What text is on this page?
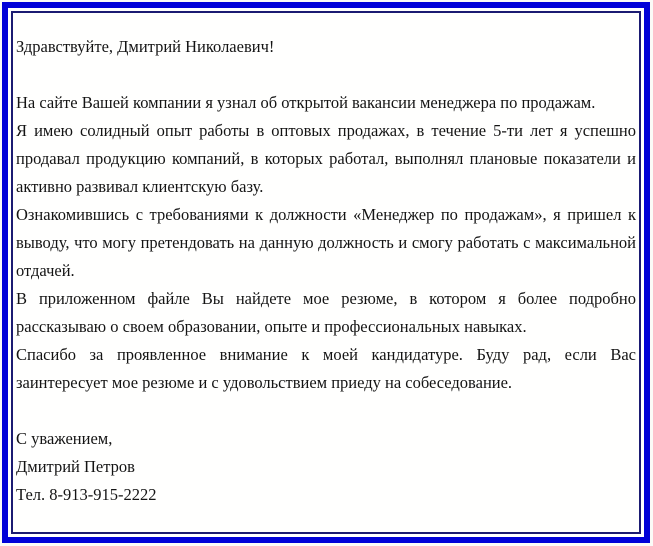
Здравствуйте, Дмитрий Николаевич!

На сайте Вашей компании я узнал об открытой вакансии менеджера по продажам.

Я имею солидный опыт работы в оптовых продажах, в течение 5-ти лет я успешно продавал продукцию компаний, в которых работал, выполнял плановые показатели и активно развивал клиентскую базу.

Ознакомившись с требованиями к должности «Менеджер по продажам», я пришел к выводу, что могу претендовать на данную должность и смогу работать с максимальной отдачей.

В приложенном файле Вы найдете мое резюме, в котором я более подробно рассказываю о своем образовании, опыте и профессиональных навыках.

Спасибо за проявленное внимание к моей кандидатуре. Буду рад, если Вас заинтересует мое резюме и с удовольствием приеду на собеседование.

С уважением,

Дмитрий Петров

Тел. 8-913-915-2222
